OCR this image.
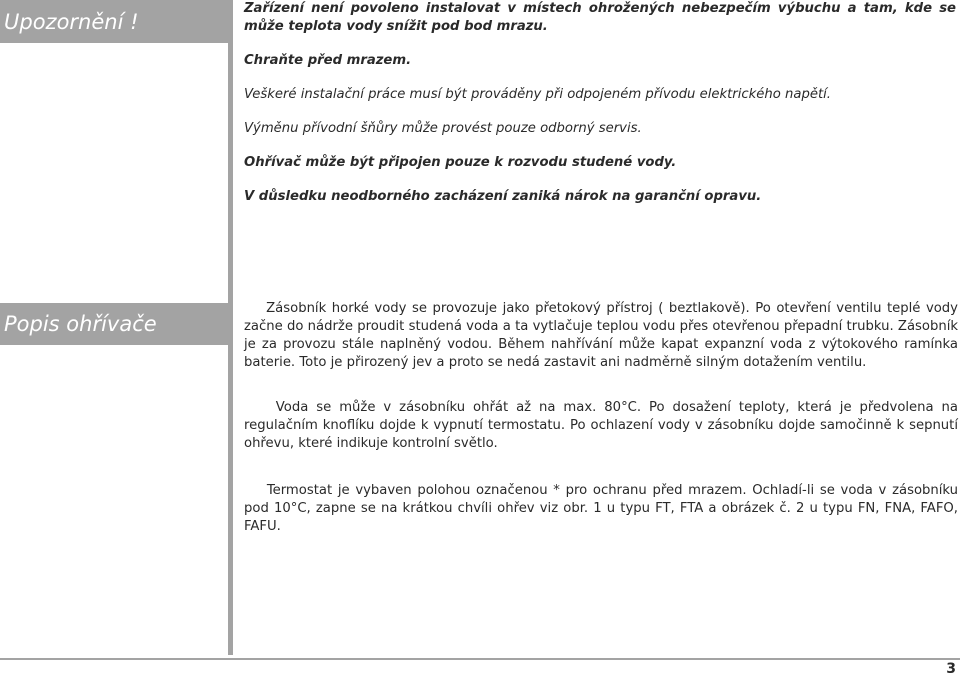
Upozornění !
Zařízení není povoleno instalovat v místech ohrožených nebezpečím výbuchu a tam, kde se může teplota vody snížit pod bod mrazu.
Chraňte před mrazem.
Veškeré instalační práce musí být prováděny při odpojeném přívodu elektrického napětí.
Výměnu přívodní šňůry může provést pouze odborný servis.
Ohřívač může být připojen pouze k rozvodu studené vody.
V důsledku neodborného zacházení zaniká nárok na garanční opravu.
Popis ohřívače
Zásobník horké vody se provozuje jako přetokový přístroj ( beztlakově). Po otevření ventilu teplé vody začne do nádrže proudit studená voda a ta vytlačuje teplou vodu přes otevřenou přepadní trubku. Zásobník je za provozu stále naplněný vodou. Během nahřívání může kapat expanzní voda z výtokového ramínka baterie. Toto je přirozený jev a proto se nedá zastavit ani nadměrně silným dotažením ventilu.
Voda se může v zásobníku ohřát až na max. 80°C. Po dosažení teploty, která je předvolena na regulačním knoflíku dojde k vypnutí termostatu. Po ochlazení vody v zásobníku dojde samočinně k sepnutí ohřevu, které indikuje kontrolní světlo.
Termostat je vybaven polohou označenou * pro ochranu před mrazem. Ochladí-li se voda v zásobníku pod 10°C, zapne se na krátkou chvíli ohřev viz obr. 1 u typu FT, FTA a obrázek č. 2 u typu FN, FNA, FAFO, FAFU.
3
